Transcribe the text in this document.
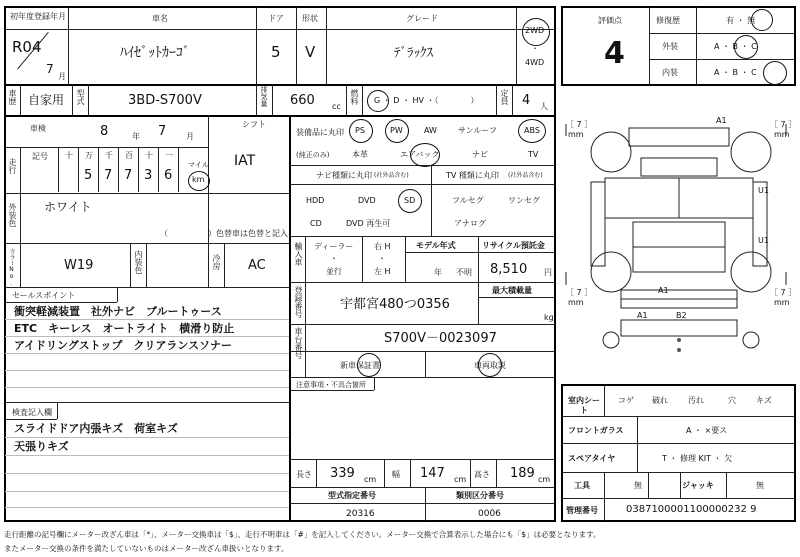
初年度登録年月
R04
7
月
車名
ﾊｲｾﾞｯﾄｶｰｺﾞ
ドア
5
形状
V
グレード
ﾃﾞﾗｯｸｽ
2WD
・
4WD
車歴 自家用 型式	3BD-S700V	排気量 660 cc
燃料 G ・ D ・ HV ・（　　　　）	定員 4 人
車検	8	年 7 月
シフト
IAT
走行
記号 十 万 千 百 十 一
5 7 7 3 6
マイル
km
外装色 ホワイト
（　　　　　）色替車は色替と記入
カラーNo.	W19	内装色	冷房 AC
セールスポイント
衝突軽減装置　社外ナビ　ブルートゥース
ETC　キーレス　オートライト　横滑り防止
アイドリングストップ　クリアランスソナー
検査記入欄
スライドドア内張キズ　荷室キズ
天張りキズ
装備品に丸印
(純正のみ)
PS	PW	AW	サンルーフ	ABS
本革	エアバック	ナビ	TV
ナビ種類に丸印 (社外品含む)	TV 種類に丸印 (社外品含む)
HDD	DVD	SD
CD	DVD 再生可
フルセグ	ワンセグ
アナログ
輸入車 ディーラー
・
並行
右 H
・
左 H
モデル年式
年 不明
リサイクル預託金
8,510 円
登録番号	宇都宮480つ0356
最大積載量
kg
車台番号	S700V－0023097
新車保証書	車両取説
注意事項・不具合箇所
長さ 339 cm
幅 147 cm
高さ 189 cm
型式指定番号
20316
類別区分番号
0006
評価点
4
修復歴	有 ・ 無
外装	A ・ B ・ C
内装	A ・ B ・ C
［ 7 ］
mm
［ 7 ］
mm
［ 7 ］
mm
［ 7 ］
mm
A1
U1
U1
A1
A1	B2
室内シート
コゲ 破れ	汚れ	穴	キズ
フロントガラス	A ・ ×要ス
スペアタイヤ	T ・ 修理 KIT ・ 欠
工具	無	ジャッキ	無
管理番号	0387100001100000232 9
走行距離の記号欄にメーター改ざん車は「*」、メーター交換車は「$」、走行不明車は「#」を記入してください。メーター交換で合算表示した場合にも「$」は必要となります。
またメーター交換の条件を満たしていないものはメーター改ざん車扱いとなります。
